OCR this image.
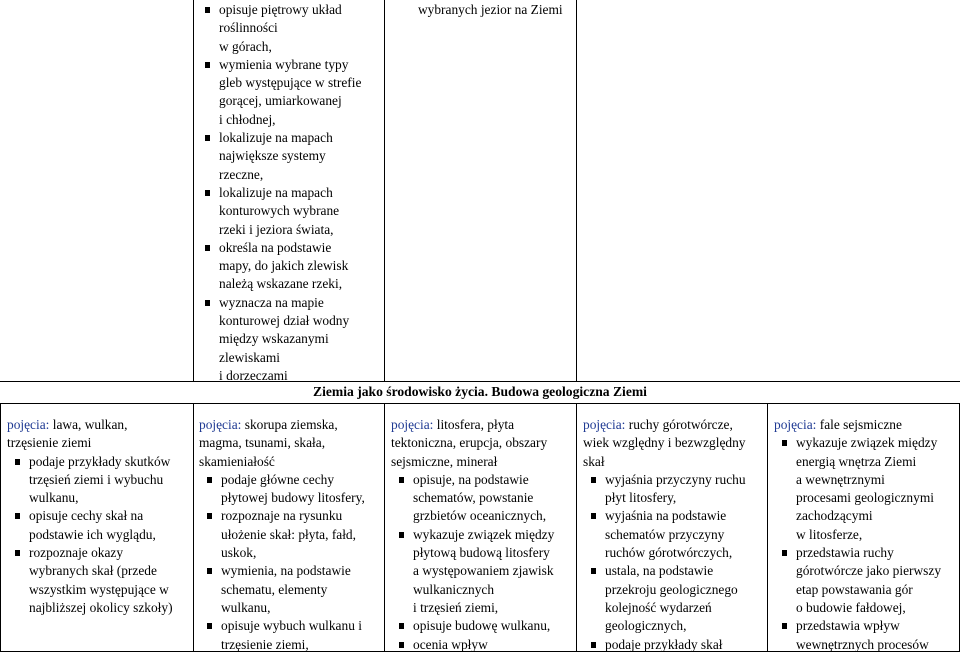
opisuje piętrowy układ
roślinności
w górach,
wymienia wybrane typy
gleb występujące w strefie
gorącej, umiarkowanej
i chłodnej,
lokalizuje na mapach
największe systemy
rzeczne,
lokalizuje na mapach
konturowych wybrane
rzeki i jeziora świata,
określa na podstawie
mapy, do jakich zlewisk
należą wskazane rzeki,
wyznacza na mapie
konturowej dział wodny
między wskazanymi
zlewiskami
i dorzeczami
wybranych jezior na Ziemi
Ziemia jako środowisko życia. Budowa geologiczna Ziemi
pojęcia: lawa, wulkan,
trzęsienie ziemi
podaje przykłady skutków
trzęsień ziemi i wybuchu
wulkanu,
opisuje cechy skał na
podstawie ich wyglądu,
rozpoznaje okazy
wybranych skał (przede
wszystkim występujące w
najbliższej okolicy szkoły)
pojęcia: skorupa ziemska,
magma, tsunami, skała,
skamieniałość
podaje główne cechy
płytowej budowy litosfery,
rozpoznaje na rysunku
ułożenie skał: płyta, fałd,
uskok,
wymienia, na podstawie
schematu, elementy
wulkanu,
opisuje wybuch wulkanu i
trzęsienie ziemi,
pojęcia: litosfera, płyta
tektoniczna, erupcja, obszary
sejsmiczne, minerał
opisuje, na podstawie
schematów, powstanie
grzbietów oceanicznych,
wykazuje związek między
płytową budową litosfery
a występowaniem zjawisk
wulkanicznych
i trzęsień ziemi,
opisuje budowę wulkanu,
ocenia wpływ
pojęcia: ruchy górotwórcze,
wiek względny i bezwzględny
skał
wyjaśnia przyczyny ruchu
płyt litosfery,
wyjaśnia na podstawie
schematów przyczyny
ruchów górotwórczych,
ustala, na podstawie
przekroju geologicznego
kolejność wydarzeń
geologicznych,
podaje przykłady skał
pojęcia: fale sejsmiczne
wykazuje związek między
energią wnętrza Ziemi
a wewnętrznymi
procesami geologicznymi
zachodzącymi
w litosferze,
przedstawia ruchy
górotwórcze jako pierwszy
etap powstawania gór
o budowie fałdowej,
przedstawia wpływ
wewnętrznych procesów
